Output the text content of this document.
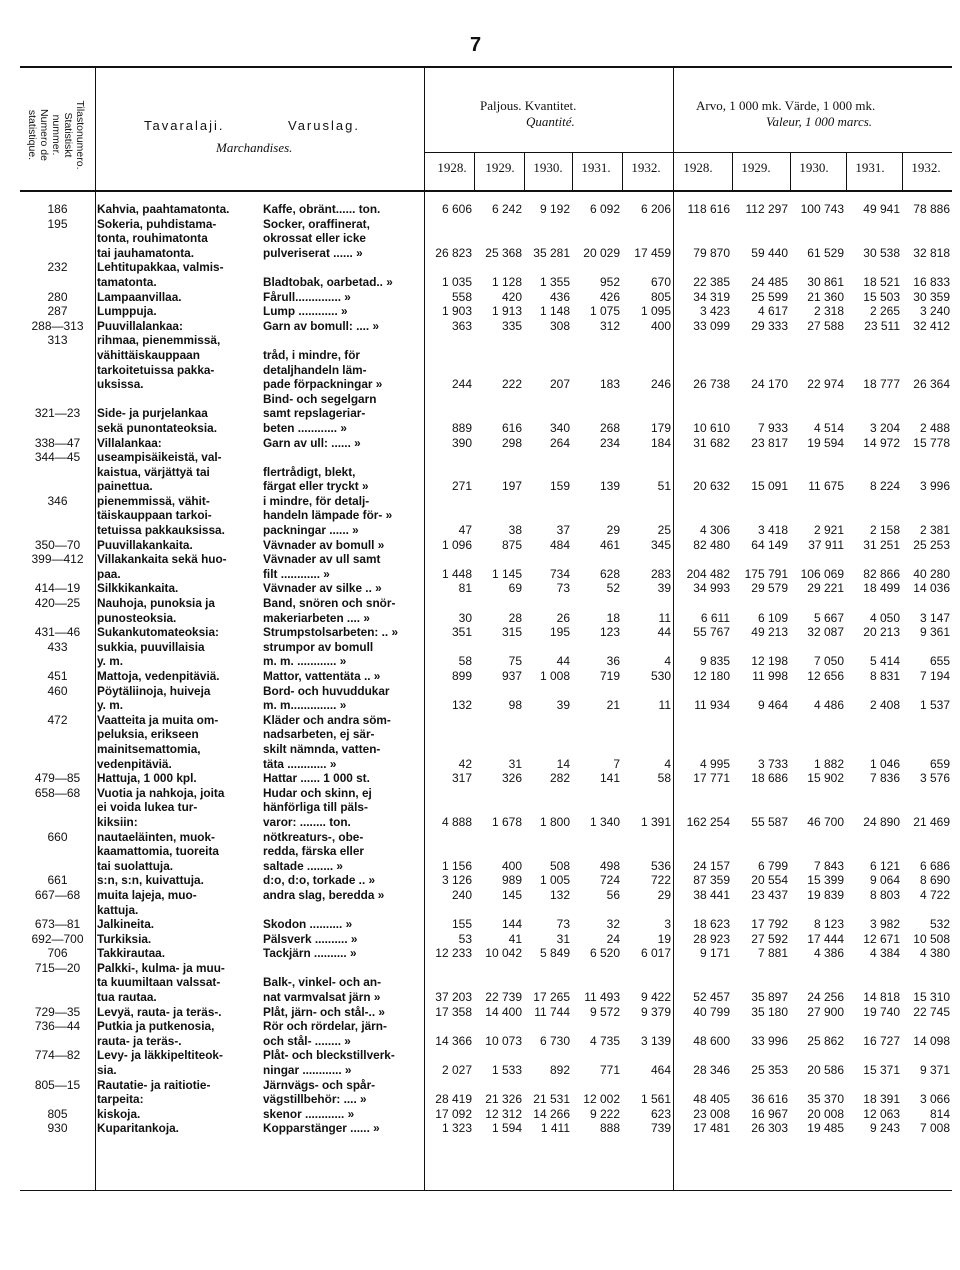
7
Tilastonumero.
Statistiskt
nummer.
Numero de
statistique.	Tavaralaji.	Varuslag.
Marchandises.
Paljous. Kvantitet.
Quantité.
Arvo, 1 000 mk. Värde, 1 000 mk.
Valeur, 1 000 marcs.
1928.	1929.	1930.	1931.	1932.	1928.	1929.	1930.	1931.	1932.
186	Kahvia, paahtamatonta.	Kaffe, obränt...... ton.	6 606	6 242	9 192	6 092	6 206	118 616	112 297	100 743	49 941	78 886
195	Sokeria, puhdistama-	Socker, oraffinerat,										
	tonta, rouhimatonta	okrossat eller icke										
	tai jauhamatonta.	pulveriserat ...... »	26 823	25 368	35 281	20 029	17 459	79 870	59 440	61 529	30 538	32 818
232	Lehtitupakkaa, valmis-											
	tamatonta.	Bladtobak, oarbetad.. »	1 035	1 128	1 355	952	670	22 385	24 485	30 861	18 521	16 833
280	Lampaanvillaa.	Fårull.............. »	558	420	436	426	805	34 319	25 599	21 360	15 503	30 359
287	Lumppuja.	Lump ............ »	1 903	1 913	1 148	1 075	1 095	3 423	4 617	2 318	2 265	3 240
288—313	Puuvillalankaa:	Garn av bomull: .... »	363	335	308	312	400	33 099	29 333	27 588	23 511	32 412
313	rihmaa, pienemmissä,											
	vähittäiskauppaan	tråd, i mindre, för										
	tarkoitetuissa pakka-	detaljhandeln läm-										
	uksissa.	pade förpackningar »	244	222	207	183	246	26 738	24 170	22 974	18 777	26 364
		Bind- och segelgarn										
321—23	Side- ja purjelankaa	samt repslageriar-										
	sekä punontateoksia.	beten ............ »	889	616	340	268	179	10 610	7 933	4 514	3 204	2 488
338—47	Villalankaa:	Garn av ull: ...... »	390	298	264	234	184	31 682	23 817	19 594	14 972	15 778
344—45	useampisäikeistä, val-											
	kaistua, värjättyä tai	flertrådigt, blekt,										
	painettua.	färgat eller tryckt »	271	197	159	139	51	20 632	15 091	11 675	8 224	3 996
346	pienemmissä, vähit-	i mindre, för detalj-										
	täiskauppaan tarkoi-	handeln lämpade för- »										
	tetuissa pakkauksissa.	packningar ...... »	47	38	37	29	25	4 306	3 418	2 921	2 158	2 381
350—70	Puuvillakankaita.	Vävnader av bomull »	1 096	875	484	461	345	82 480	64 149	37 911	31 251	25 253
399—412	Villakankaita sekä huo-	Vävnader av ull samt										
	paa.	filt ............ »	1 448	1 145	734	628	283	204 482	175 791	106 069	82 866	40 280
414—19	Silkkikankaita.	Vävnader av silke .. »	81	69	73	52	39	34 993	29 579	29 221	18 499	14 036
420—25	Nauhoja, punoksia ja	Band, snören och snör-										
	punosteoksia.	makeriarbeten .... »	30	28	26	18	11	6 611	6 109	5 667	4 050	3 147
431—46	Sukankutomateoksia:	Strumpstolsarbeten: .. »	351	315	195	123	44	55 767	49 213	32 087	20 213	9 361
433	sukkia, puuvillaisia	strumpor av bomull										
	y. m.	m. m. ............ »	58	75	44	36	4	9 835	12 198	7 050	5 414	655
451	Mattoja, vedenpitäviä.	Mattor, vattentäta .. »	899	937	1 008	719	530	12 180	11 998	12 656	8 831	7 194
460	Pöytäliinoja, huiveja	Bord- och huvuddukar										
	y. m.	m. m.............. »	132	98	39	21	11	11 934	9 464	4 486	2 408	1 537
472	Vaatteita ja muita om-	Kläder och andra söm-										
	peluksia, erikseen	nadsarbeten, ej sär-										
	mainitsemattomia,	skilt nämnda, vatten-										
	vedenpitäviä.	täta ............ »	42	31	14	7	4	4 995	3 733	1 882	1 046	659
479—85	Hattuja, 1 000 kpl.	Hattar ...... 1 000 st.	317	326	282	141	58	17 771	18 686	15 902	7 836	3 576
658—68	Vuotia ja nahkoja, joita	Hudar och skinn, ej										
	ei voida lukea tur-	hänförliga till päls-										
	kiksiin:	varor: ........ ton.	4 888	1 678	1 800	1 340	1 391	162 254	55 587	46 700	24 890	21 469
660	nautaeläinten, muok-	nötkreaturs-, obe-										
	kaamattomia, tuoreita	redda, färska eller										
	tai suolattuja.	saltade ........ »	1 156	400	508	498	536	24 157	6 799	7 843	6 121	6 686
661	s:n, s:n, kuivattuja.	d:o, d:o, torkade .. »	3 126	989	1 005	724	722	87 359	20 554	15 399	9 064	8 690
667—68	muita lajeja, muo-	andra slag, beredda »	240	145	132	56	29	38 441	23 437	19 839	8 803	4 722
	kattuja.											
673—81	Jalkineita.	Skodon .......... »	155	144	73	32	3	18 623	17 792	8 123	3 982	532
692—700	Turkiksia.	Pälsverk .......... »	53	41	31	24	19	28 923	27 592	17 444	12 671	10 508
706	Takkirautaa.	Tackjärn .......... »	12 233	10 042	5 849	6 520	6 017	9 171	7 881	4 386	4 384	4 380
715—20	Palkki-, kulma- ja muu-											
	ta kuumiltaan valssat-	Balk-, vinkel- och an-										
	tua rautaa.	nat varmvalsat järn »	37 203	22 739	17 265	11 493	9 422	52 457	35 897	24 256	14 818	15 310
729—35	Levyä, rauta- ja teräs-.	Plåt, järn- och stål-.. »	17 358	14 400	11 744	9 572	9 379	40 799	35 180	27 900	19 740	22 745
736—44	Putkia ja putkenosia,	Rör och rördelar, järn-										
	rauta- ja teräs-.	och stål- ........ »	14 366	10 073	6 730	4 735	3 139	48 600	33 996	25 862	16 727	14 098
774—82	Levy- ja läkkipeltiteok-	Plåt- och bleckstillverk-										
	sia.	ningar ............ »	2 027	1 533	892	771	464	28 346	25 353	20 586	15 371	9 371
805—15	Rautatie- ja raitiotie-	Järnvägs- och spår-										
	tarpeita:	vägstillbehör: .... »	28 419	21 326	21 531	12 002	1 561	48 405	36 616	35 370	18 391	3 066
805	kiskoja.	skenor ............ »	17 092	12 312	14 266	9 222	623	23 008	16 967	20 008	12 063	814
930	Kuparitankoja.	Kopparstänger ...... »	1 323	1 594	1 411	888	739	17 481	26 303	19 485	9 243	7 008
